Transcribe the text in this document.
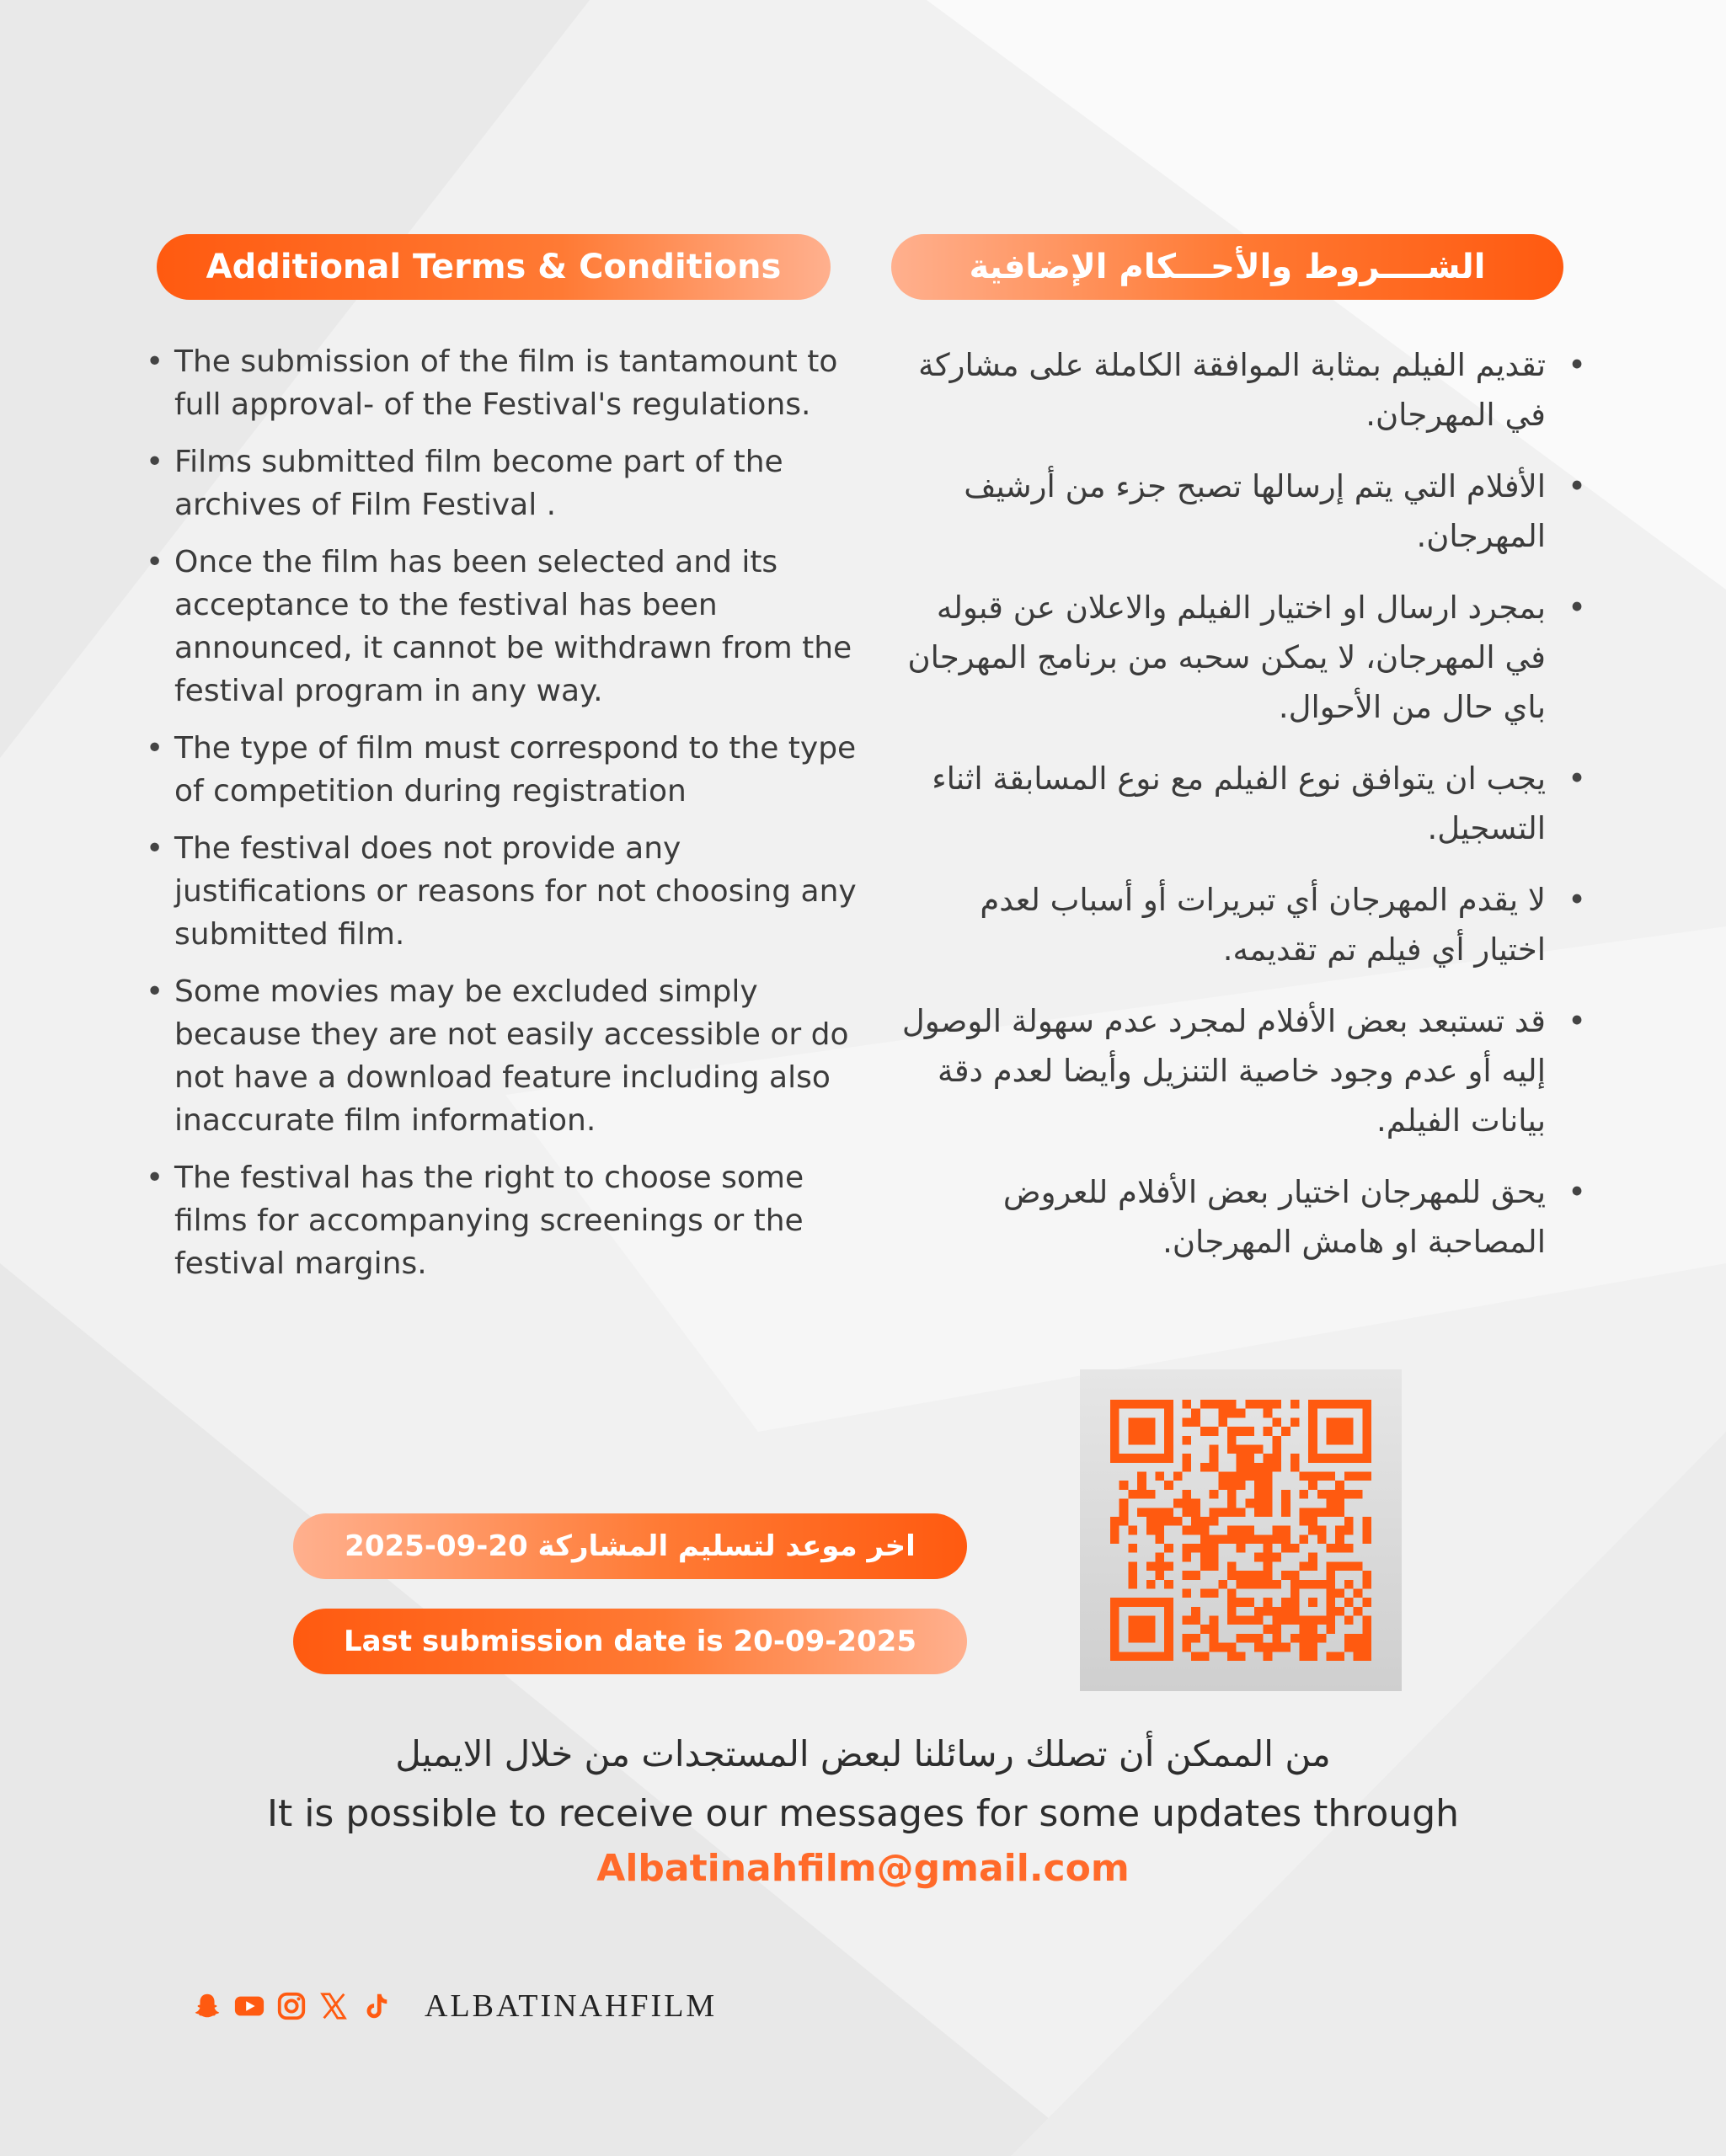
Additional Terms & Conditions	الشــــروط والأحـــكام الإضافية
• The submission of the film is tantamount to full approval- of the Festival's regulations.
• Films submitted film become part of the archives of Film Festival .
• Once the film has been selected and its acceptance to the festival has been announced, it cannot be withdrawn from the festival program in any way.
• The type of film must correspond to the type of competition during registration
• The festival does not provide any justifications or reasons for not choosing any submitted film.
• Some movies may be excluded simply because they are not easily accessible or do not have a download feature including also inaccurate film information.
• The festival has the right to choose some films for accompanying screenings or the festival margins.
• تقديم الفيلم بمثابة الموافقة الكاملة على مشاركة في المهرجان.
• الأفلام التي يتم إرسالها تصبح جزء من أرشيف المهرجان.
• بمجرد ارسال او اختيار الفيلم والاعلان عن قبوله في المهرجان، لا يمكن سحبه من برنامج المهرجان باي حال من الأحوال.
• يجب ان يتوافق نوع الفيلم مع نوع المسابقة اثناء التسجيل.
• لا يقدم المهرجان أي تبريرات أو أسباب لعدم اختيار أي فيلم تم تقديمه.
• قد تستبعد بعض الأفلام لمجرد عدم سهولة الوصول إليه أو عدم وجود خاصية التنزيل وأيضا لعدم دقة بيانات الفيلم.
• يحق للمهرجان اختيار بعض الأفلام للعروض المصاحبة او هامش المهرجان.
اخر موعد لتسليم المشاركة 20-09-2025
Last submission date is 20-09-2025
من الممكن أن تصلك رسائلنا لبعض المستجدات من خلال الايميل
It is possible to receive our messages for some updates through
Albatinahfilm@gmail.com
ALBATINAHFILM
